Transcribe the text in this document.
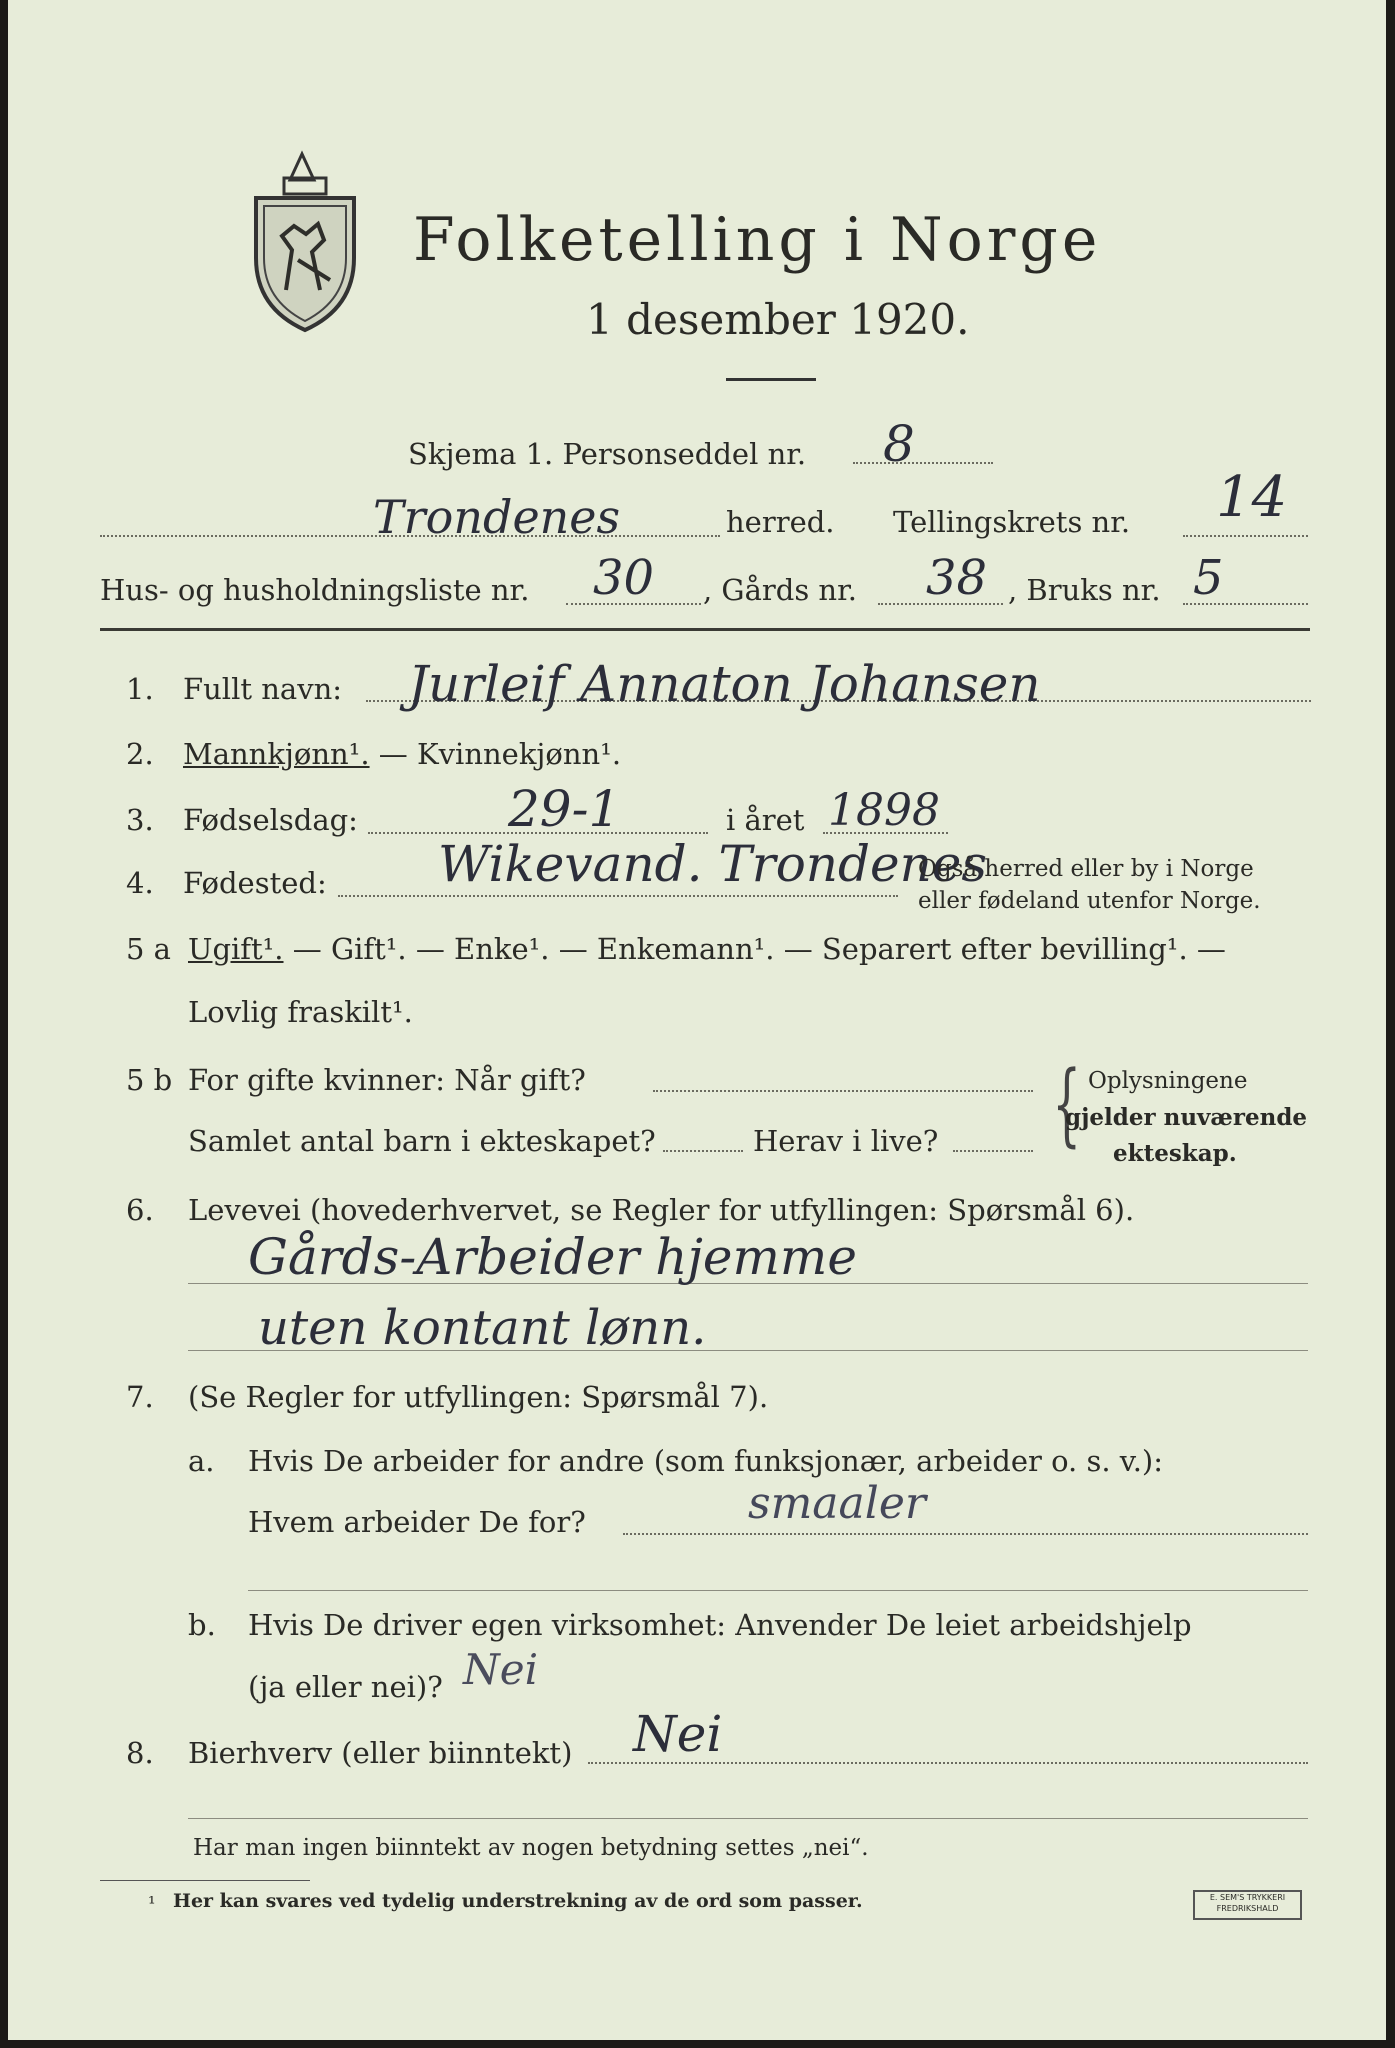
Folketelling i Norge
1 desember 1920.
Skjema 1. Personseddel nr. 8
Trondenes	herred. Tellingskrets nr. 14
Hus- og husholdningsliste nr. 30 , Gårds nr. 38 , Bruks nr. 5
1. Fullt navn: Jurleif Annaton Johansen
2. Mannkjønn¹. — Kvinnekjønn¹.
3. Fødselsdag:	29-1	i året 1898
4. Fødested: Wikevand. Trondenes
Også herred eller by i Norge
eller fødeland utenfor Norge.
5 a Ugift¹. — Gift¹. — Enke¹. — Enkemann¹. — Separert efter bevilling¹. —
Lovlig fraskilt¹.
5 b For gifte kvinner: Når gift?
Samlet antal barn i ekteskapet?	Herav i live? { Oplysningene
gjelder nuværende
ekteskap.
6. Levevei (hovederhvervet, se Regler for utfyllingen: Spørsmål 6).
Gårds-Arbeider hjemme
uten kontant lønn.
7. (Se Regler for utfyllingen: Spørsmål 7).
a. Hvis De arbeider for andre (som funksjonær, arbeider o. s. v.):
Hvem arbeider De for?	smaaler
b. Hvis De driver egen virksomhet: Anvender De leiet arbeidshjelp
(ja eller nei)? Nei
8. Bierhverv (eller biinntekt) Nei
Har man ingen biinntekt av nogen betydning settes „nei“.
¹ Her kan svares ved tydelig understrekning av de ord som passer.	E. SEM'S TRYKKERI FREDRIKSHALD
